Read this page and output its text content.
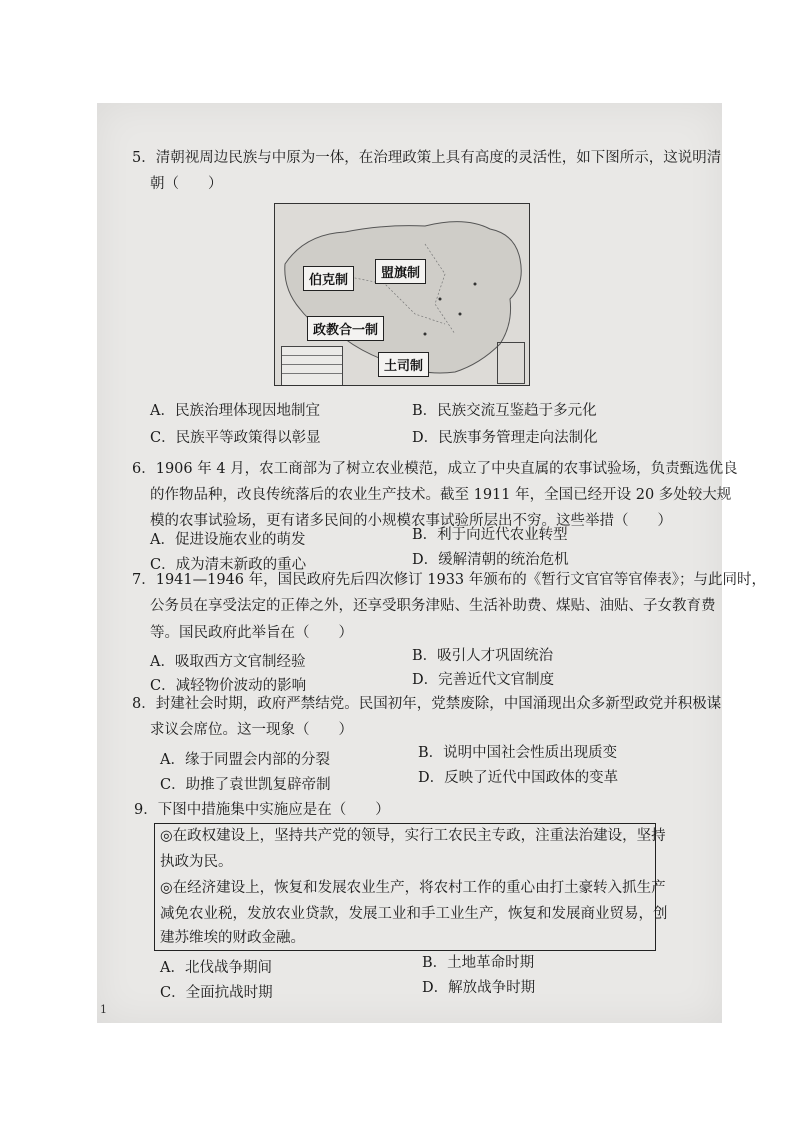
5．清朝视周边民族与中原为一体，在治理政策上具有高度的灵活性，如下图所示，这说明清
朝（　　）
伯克制	盟旗制
政教合一制
土司制
A．民族治理体现因地制宜	B．民族交流互鉴趋于多元化
C．民族平等政策得以彰显	D．民族事务管理走向法制化
6．1906 年 4 月，农工商部为了树立农业模范，成立了中央直属的农事试验场，负责甄选优良
的作物品种，改良传统落后的农业生产技术。截至 1911 年，全国已经开设 20 多处较大规
模的农事试验场，更有诸多民间的小规模农事试验所层出不穷。这些举措（　　）
A．促进设施农业的萌发	B．利于向近代农业转型
C．成为清末新政的重心	D．缓解清朝的统治危机
7．1941—1946 年，国民政府先后四次修订 1933 年颁布的《暂行文官官等官俸表》；与此同时，
公务员在享受法定的正俸之外，还享受职务津贴、生活补助费、煤贴、油贴、子女教育费
等。国民政府此举旨在（　　）
A．吸取西方文官制经验	B．吸引人才巩固统治
C．减轻物价波动的影响	D．完善近代文官制度
8．封建社会时期，政府严禁结党。民国初年，党禁废除，中国涌现出众多新型政党并积极谋
求议会席位。这一现象（　　）
A．缘于同盟会内部的分裂	B．说明中国社会性质出现质变
C．助推了袁世凯复辟帝制	D．反映了近代中国政体的变革
9．下图中措施集中实施应是在（　　）
◎在政权建设上，坚持共产党的领导，实行工农民主专政，注重法治建设，坚持
执政为民。
◎在经济建设上，恢复和发展农业生产，将农村工作的重心由打土豪转入抓生产
减免农业税，发放农业贷款，发展工业和手工业生产，恢复和发展商业贸易，创
建苏维埃的财政金融。
A．北伐战争期间	B．土地革命时期
C．全面抗战时期	D．解放战争时期
1
